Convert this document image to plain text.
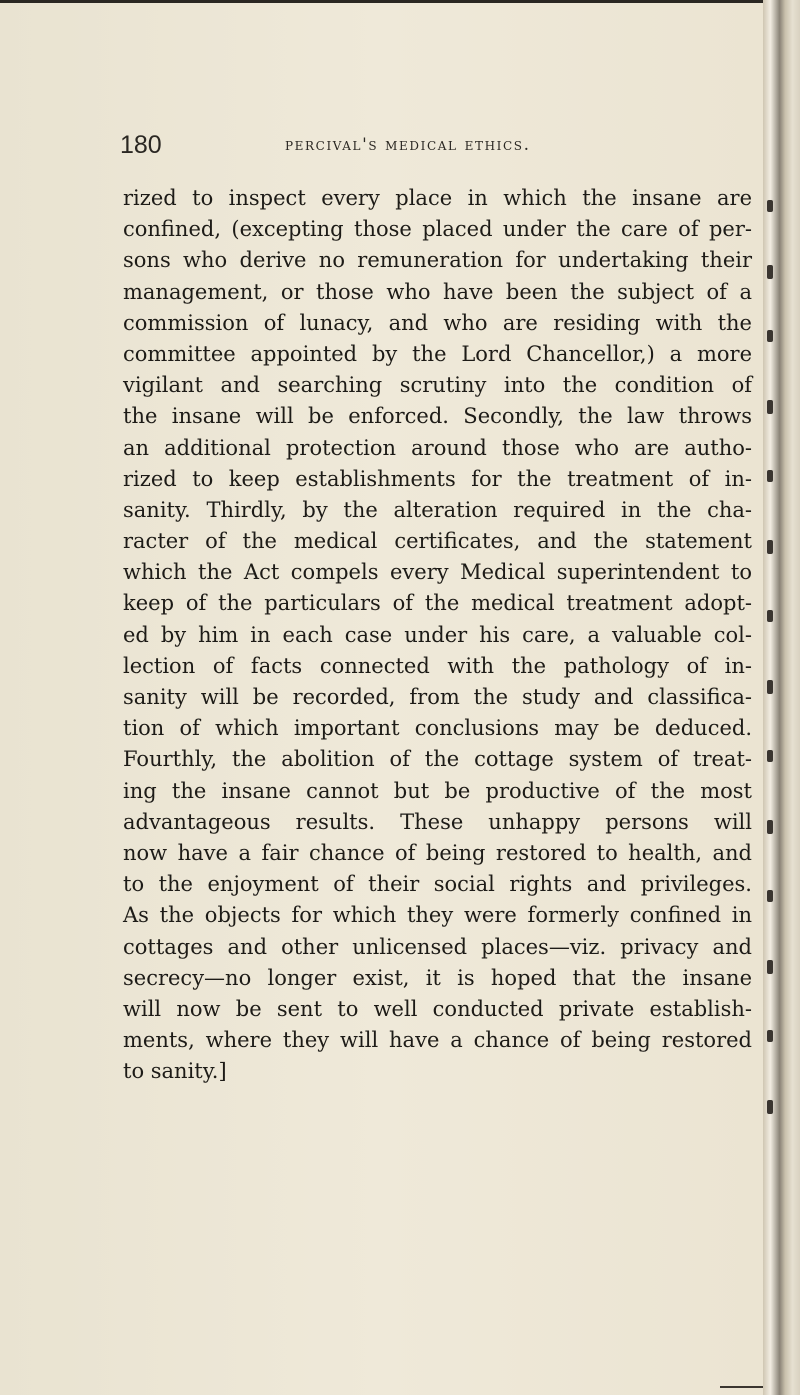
180	percival's medical ethics.
rized to inspect every place in which the insane are
confined, (excepting those placed under the care of per-
sons who derive no remuneration for undertaking their
management, or those who have been the subject of a
commission of lunacy, and who are residing with the
committee appointed by the Lord Chancellor,) a more
vigilant and searching scrutiny into the condition of
the insane will be enforced. Secondly, the law throws
an additional protection around those who are autho-
rized to keep establishments for the treatment of in-
sanity. Thirdly, by the alteration required in the cha-
racter of the medical certificates, and the statement
which the Act compels every Medical superintendent to
keep of the particulars of the medical treatment adopt-
ed by him in each case under his care, a valuable col-
lection of facts connected with the pathology of in-
sanity will be recorded, from the study and classifica-
tion of which important conclusions may be deduced.
Fourthly, the abolition of the cottage system of treat-
ing the insane cannot but be productive of the most
advantageous results. These unhappy persons will
now have a fair chance of being restored to health, and
to the enjoyment of their social rights and privileges.
As the objects for which they were formerly confined in
cottages and other unlicensed places—viz. privacy and
secrecy—no longer exist, it is hoped that the insane
will now be sent to well conducted private establish-
ments, where they will have a chance of being restored
to sanity.]
